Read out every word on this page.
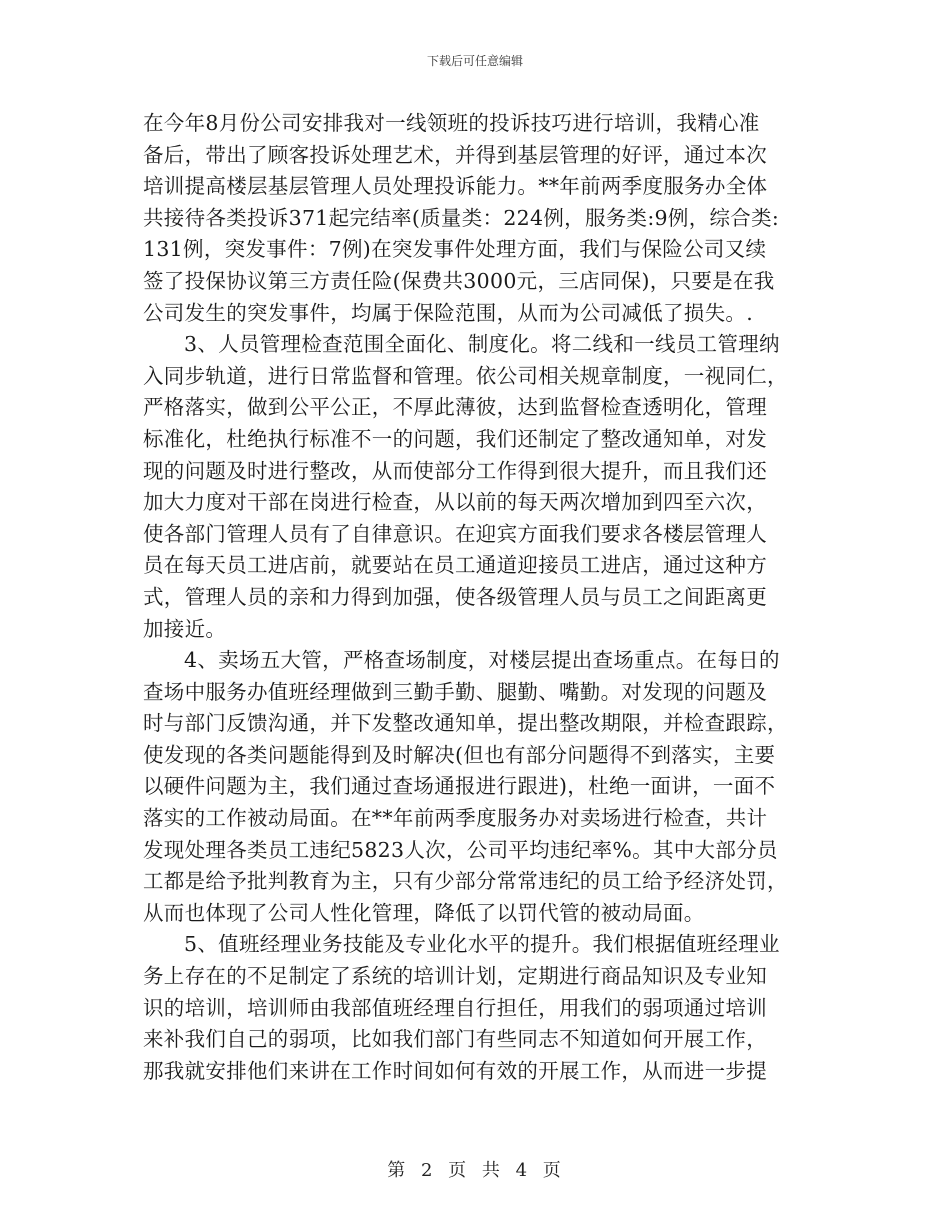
下载后可任意编辑
在今年8月份公司安排我对一线领班的投诉技巧进行培训，我精心准
备后，带出了顾客投诉处理艺术，并得到基层管理的好评，通过本次
培训提高楼层基层管理人员处理投诉能力。**年前两季度服务办全体
共接待各类投诉371起完结率(质量类：224例，服务类:9例，综合类:
131例，突发事件：7例)在突发事件处理方面，我们与保险公司又续
签了投保协议第三方责任险(保费共3000元，三店同保)，只要是在我
公司发生的突发事件，均属于保险范围，从而为公司减低了损失。.
3、人员管理检查范围全面化、制度化。将二线和一线员工管理纳
入同步轨道，进行日常监督和管理。依公司相关规章制度，一视同仁，
严格落实，做到公平公正，不厚此薄彼，达到监督检查透明化，管理
标准化，杜绝执行标准不一的问题，我们还制定了整改通知单，对发
现的问题及时进行整改，从而使部分工作得到很大提升，而且我们还
加大力度对干部在岗进行检查，从以前的每天两次增加到四至六次，
使各部门管理人员有了自律意识。在迎宾方面我们要求各楼层管理人
员在每天员工进店前，就要站在员工通道迎接员工进店，通过这种方
式，管理人员的亲和力得到加强，使各级管理人员与员工之间距离更
加接近。
4、卖场五大管，严格查场制度，对楼层提出查场重点。在每日的
查场中服务办值班经理做到三勤手勤、腿勤、嘴勤。对发现的问题及
时与部门反馈沟通，并下发整改通知单，提出整改期限，并检查跟踪，
使发现的各类问题能得到及时解决(但也有部分问题得不到落实，主要
以硬件问题为主，我们通过查场通报进行跟进)，杜绝一面讲，一面不
落实的工作被动局面。在**年前两季度服务办对卖场进行检查，共计
发现处理各类员工违纪5823人次，公司平均违纪率%。其中大部分员
工都是给予批判教育为主，只有少部分常常违纪的员工给予经济处罚，
从而也体现了公司人性化管理，降低了以罚代管的被动局面。
5、值班经理业务技能及专业化水平的提升。我们根据值班经理业
务上存在的不足制定了系统的培训计划，定期进行商品知识及专业知
识的培训，培训师由我部值班经理自行担任，用我们的弱项通过培训
来补我们自己的弱项，比如我们部门有些同志不知道如何开展工作，
那我就安排他们来讲在工作时间如何有效的开展工作，从而进一步提
第 2 页 共 4 页
